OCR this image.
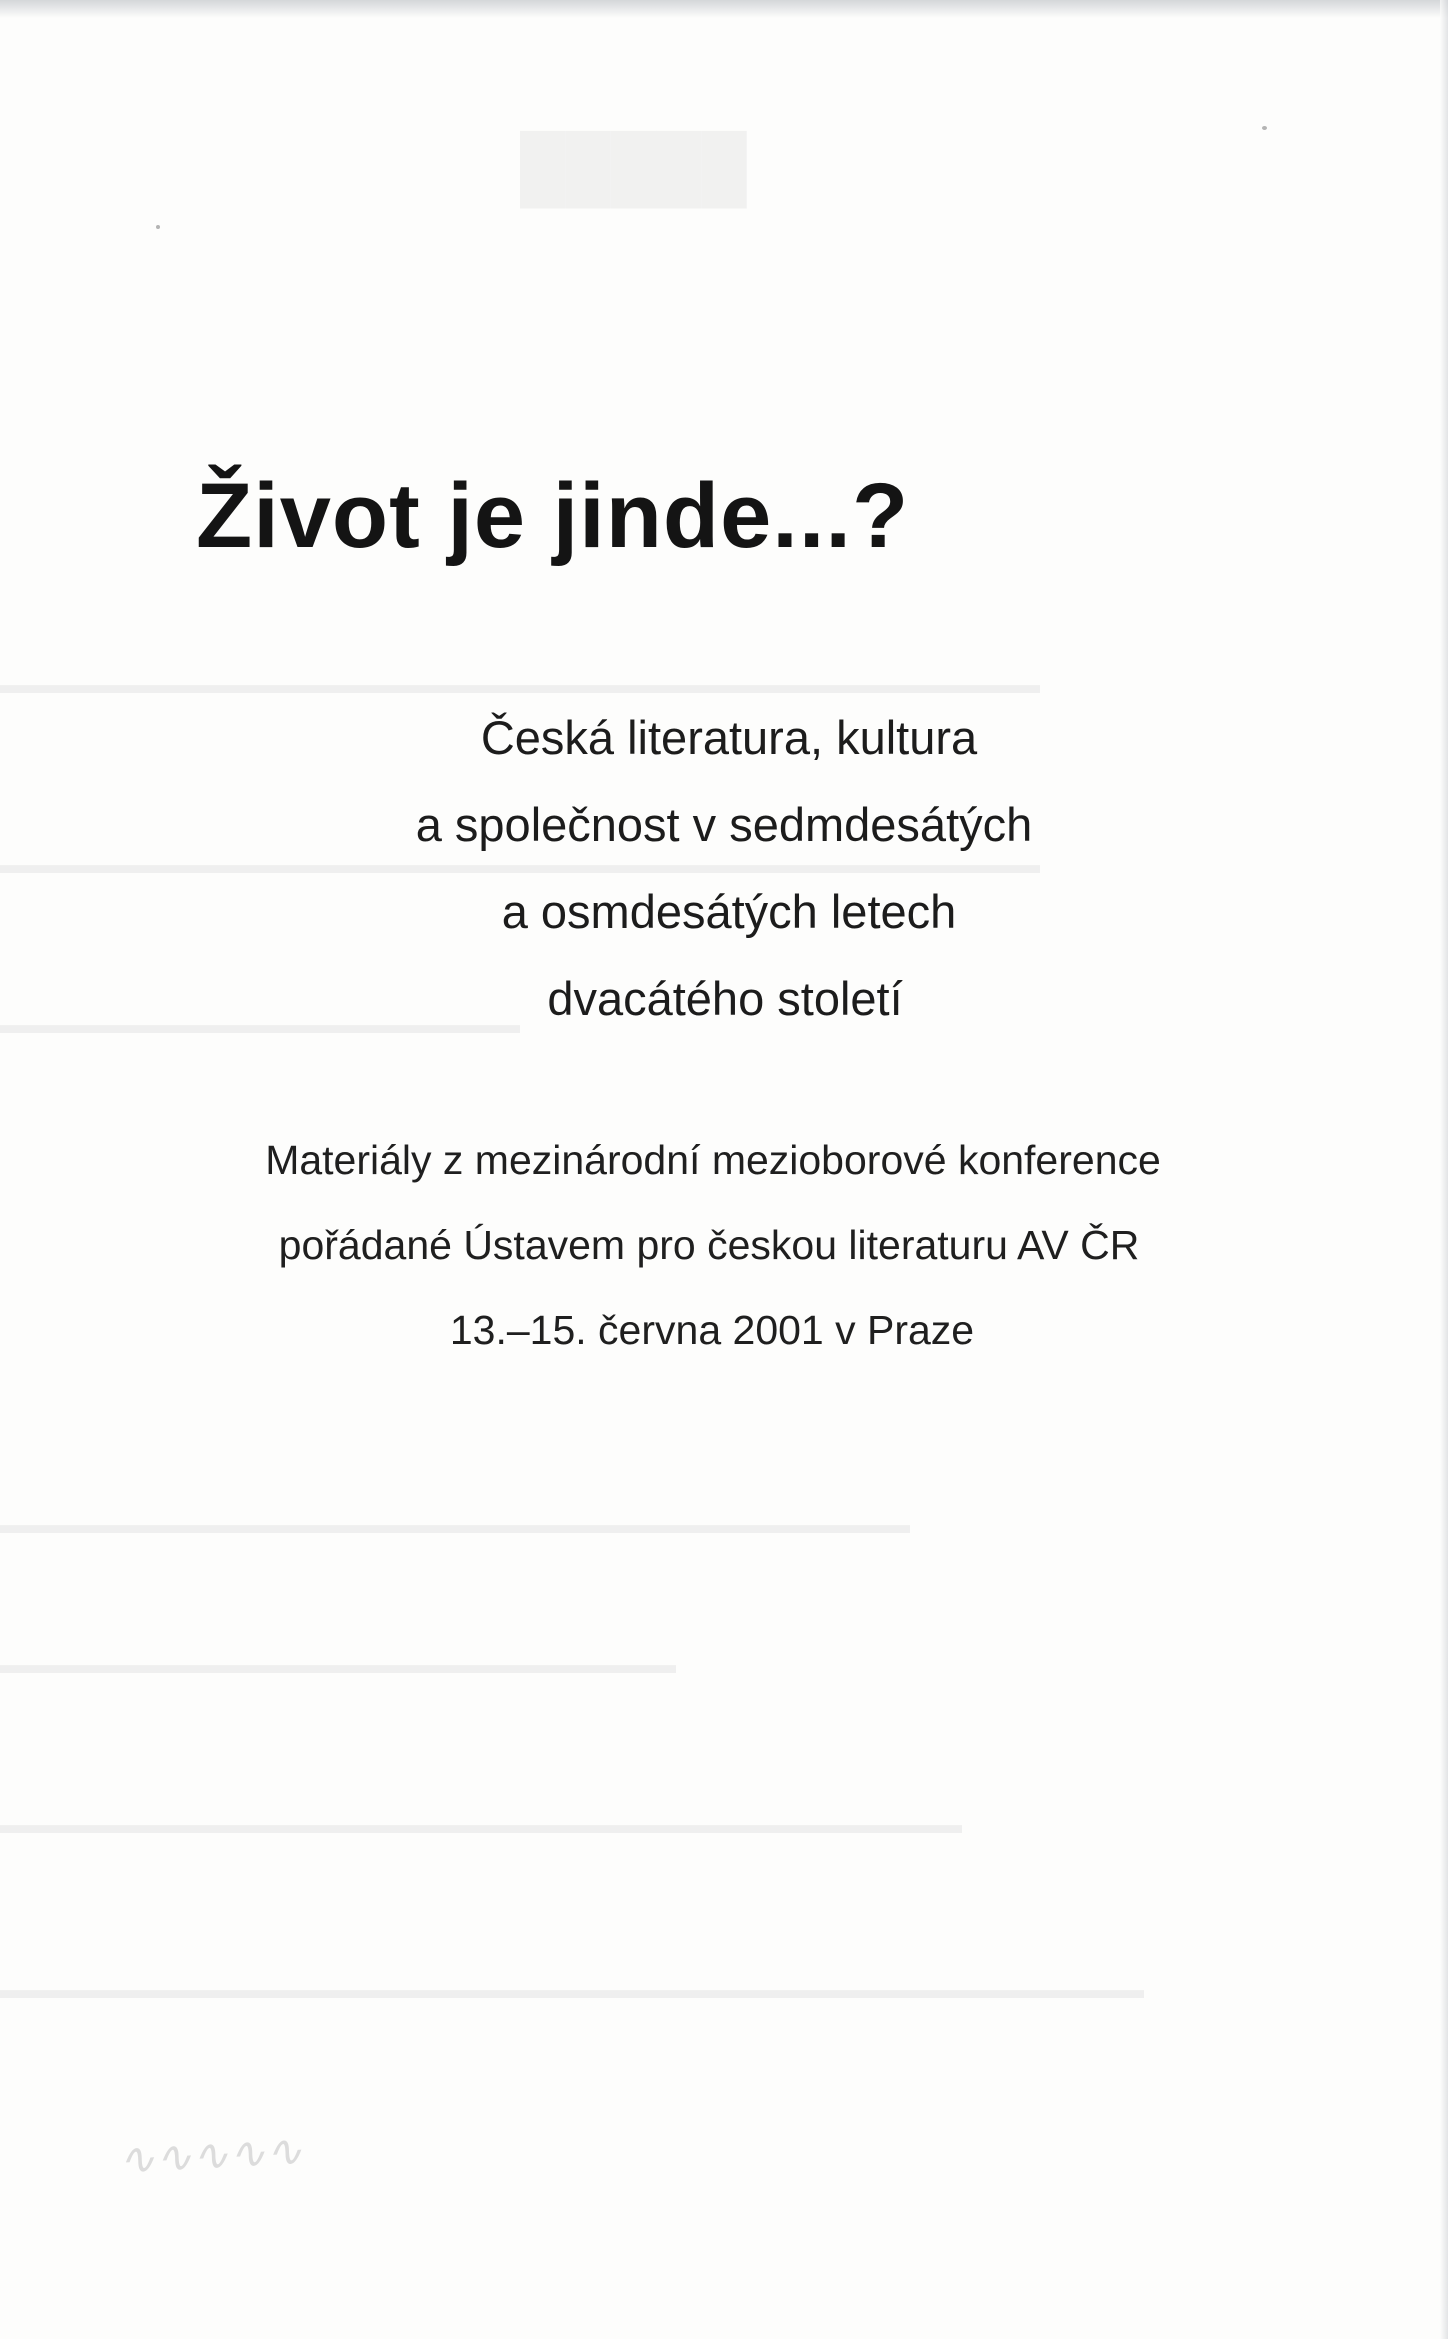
█████
▬▬▬▬▬▬▬▬▬▬▬▬▬▬▬▬▬▬▬▬▬▬▬▬▬▬▬▬▬▬▬▬▬▬▬▬▬▬▬▬
▬▬▬▬▬▬▬▬▬▬▬▬▬▬▬▬▬▬▬▬▬▬▬▬▬▬▬▬▬▬▬▬▬▬▬▬▬▬▬▬
▬▬▬▬▬▬▬▬▬▬▬▬▬▬▬▬▬▬▬▬
▬▬▬▬▬▬▬▬▬▬▬▬▬▬▬▬▬▬▬▬▬▬▬▬▬▬▬▬▬▬▬▬▬▬▬
▬▬▬▬▬▬▬▬▬▬▬▬▬▬▬▬▬▬▬▬▬▬▬▬▬▬
▬▬▬▬▬▬▬▬▬▬▬▬▬▬▬▬▬▬▬▬▬▬▬▬▬▬▬▬▬▬▬▬▬▬▬▬▬
▬▬▬▬▬▬▬▬▬▬▬▬▬▬▬▬▬▬▬▬▬▬▬▬▬▬▬▬▬▬▬▬▬▬▬▬▬▬▬▬▬▬▬▬
∿∿∿∿∿
Život je jinde...?
Česká literatura, kultura
a společnost v sedmdesátých
a osmdesátých letech
dvacátého století
Materiály z mezinárodní mezioborové konference
pořádané Ústavem pro českou literaturu AV ČR
13.–15. června 2001 v Praze
